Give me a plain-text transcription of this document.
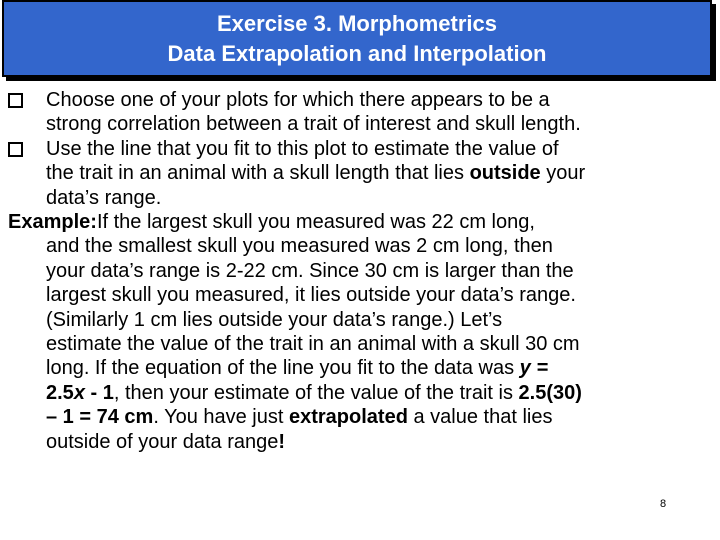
Exercise 3. Morphometrics
Data Extrapolation and Interpolation
Choose one of your plots for which there appears to be a
strong correlation between a trait of interest and skull length.
Use the line that you fit to this plot to estimate the value of
the trait in an animal with a skull length that lies outside your
data’s range.
Example:If the largest skull you measured was 22 cm long,
and the smallest skull you measured was 2 cm long, then
your data’s range is 2-22 cm. Since 30 cm is larger than the
largest skull you measured, it lies outside your data’s range.
(Similarly 1 cm lies outside your data’s range.) Let’s
estimate the value of the trait in an animal with a skull 30 cm
long. If the equation of the line you fit to the data was y =
2.5x - 1, then your estimate of the value of the trait is 2.5(30)
– 1 = 74 cm. You have just extrapolated a value that lies
outside of your data range!
8
